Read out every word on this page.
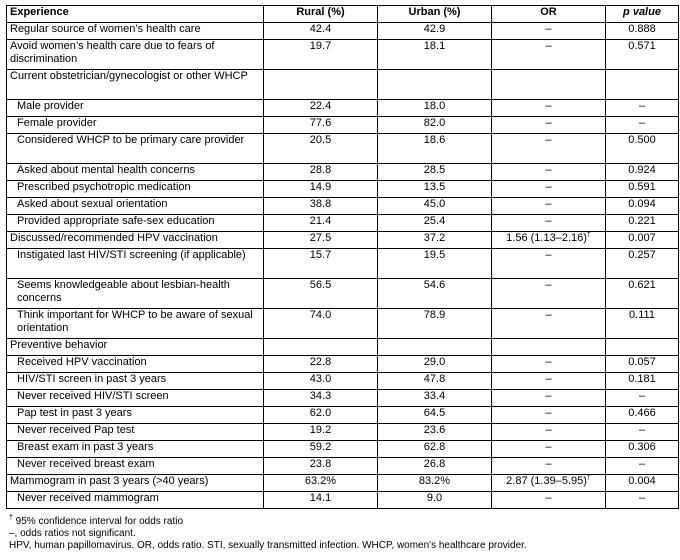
Experience	Rural (%)	Urban (%)	OR	p value
Regular source of women’s health care	42.4	42.9	–	0.888
Avoid women’s health care due to fears of discrimination	19.7	18.1	–	0.571
Current obstetrician/gynecologist or other WHCP				
Male provider	22.4	18.0	–	–
Female provider	77.6	82.0	–	–
Considered WHCP to be primary care provider	20.5	18.6	–	0.500
Asked about mental health concerns	28.8	28.5	–	0.924
Prescribed psychotropic medication	14.9	13.5	–	0.591
Asked about sexual orientation	38.8	45.0	–	0.094
Provided appropriate safe-sex education	21.4	25.4	–	0.221
Discussed/recommended HPV vaccination	27.5	37.2	1.56 (1.13–2.16)†	0.007
Instigated last HIV/STI screening (if applicable)	15.7	19.5	–	0.257
Seems knowledgeable about lesbian-health concerns	56.5	54.6	–	0.621
Think important for WHCP to be aware of sexual orientation	74.0	78.9	–	0.111
Preventive behavior				
Received HPV vaccination	22.8	29.0	–	0.057
HIV/STI screen in past 3 years	43.0	47.8	–	0.181
Never received HIV/STI screen	34.3	33.4	–	–
Pap test in past 3 years	62.0	64.5	–	0.466
Never received Pap test	19.2	23.6	–	–
Breast exam in past 3 years	59.2	62.8	–	0.306
Never received breast exam	23.8	26.8	–	–
Mammogram in past 3 years (>40 years)	63.2%	83.2%	2.87 (1.39–5.95)†	0.004
Never received mammogram	14.1	9.0	–	–
† 95% confidence interval for odds ratio
–, odds ratios not significant.
HPV, human papillomavirus. OR, odds ratio. STI, sexually transmitted infection. WHCP, women's healthcare provider.
